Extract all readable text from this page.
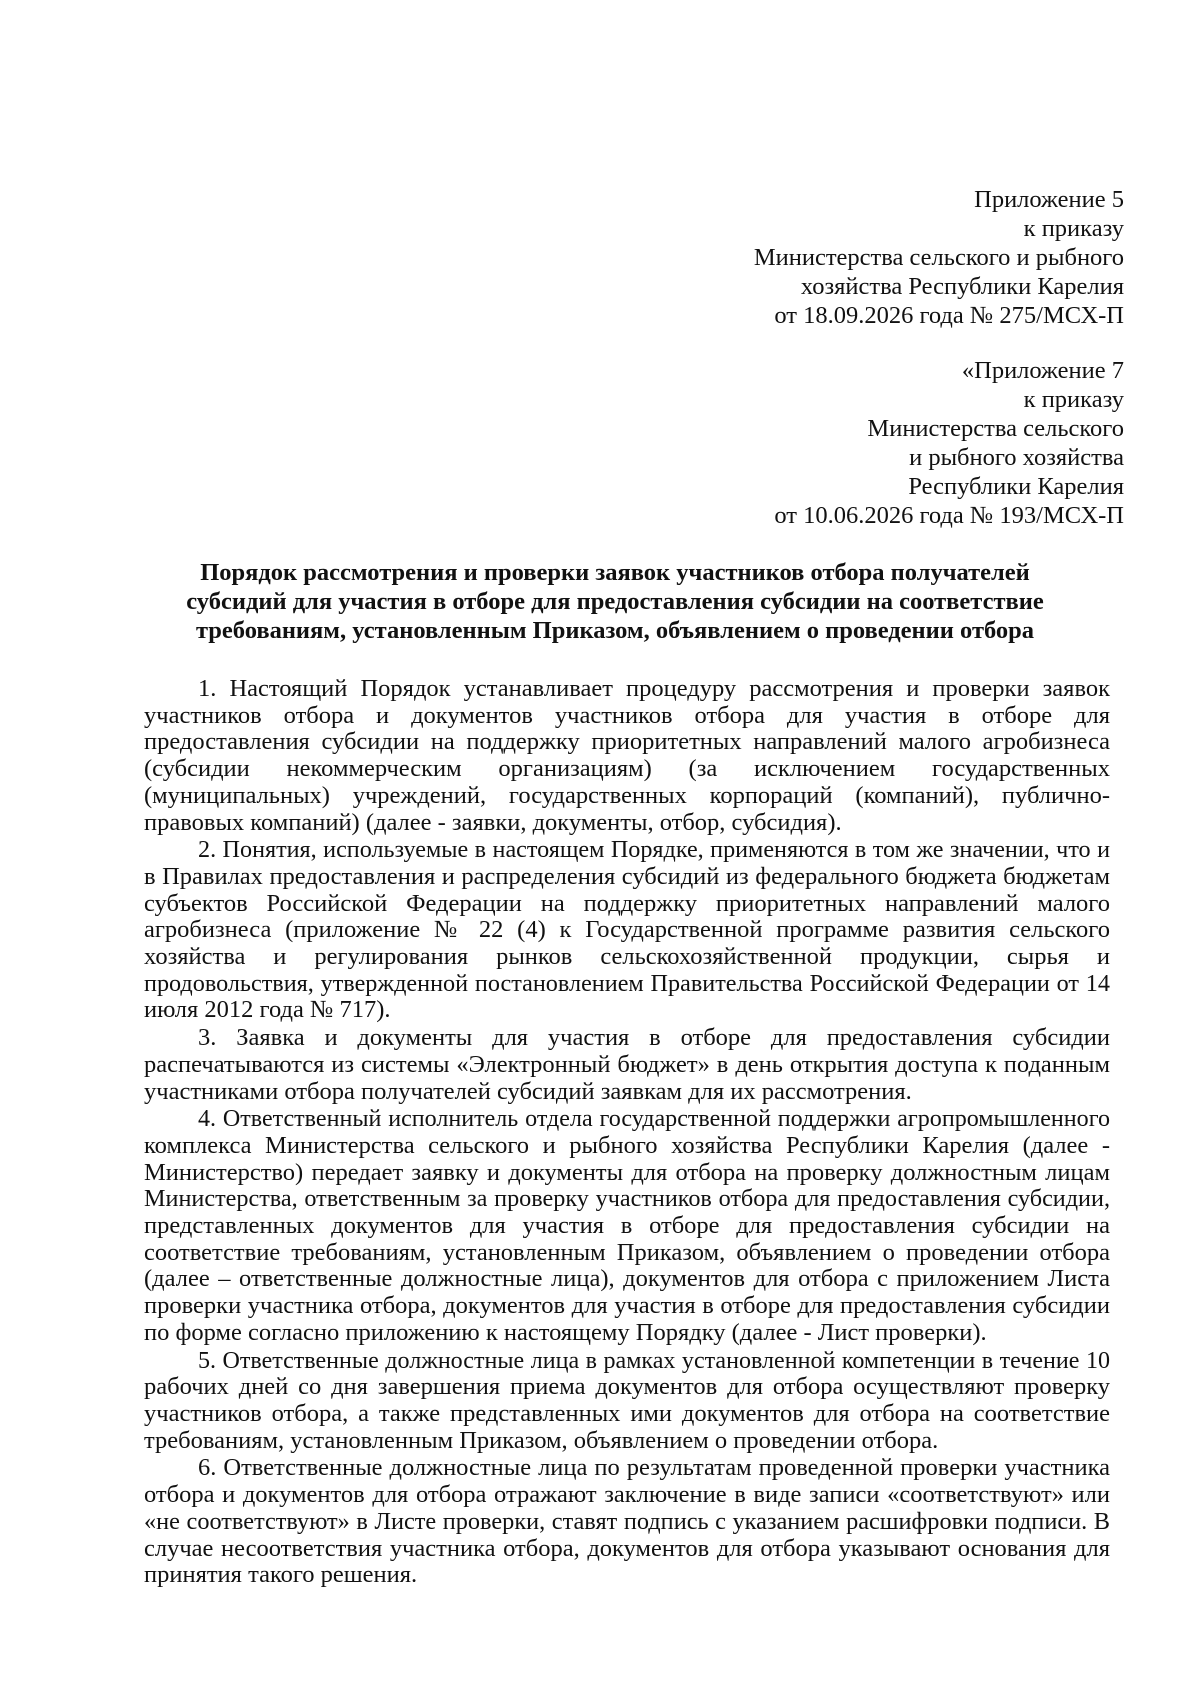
Приложение 5
к приказу
Министерства сельского и рыбного
хозяйства Республики Карелия
от 18.09.2026 года № 275/МСХ-П
«Приложение 7
к приказу
Министерства сельского
и рыбного хозяйства
Республики Карелия
от 10.06.2026 года № 193/МСХ-П
Порядок рассмотрения и проверки заявок участников отбора получателей
субсидий для участия в отборе для предоставления субсидии на соответствие
требованиям, установленным Приказом, объявлением о проведении отбора
1. Настоящий Порядок устанавливает процедуру рассмотрения и проверки заявок
участников отбора и документов участников отбора для участия в отборе для
предоставления субсидии на поддержку приоритетных направлений малого агробизнеса
(субсидии некоммерческим организациям) (за исключением государственных
(муниципальных) учреждений, государственных корпораций (компаний), публично-
правовых компаний) (далее - заявки, документы, отбор, субсидия).
2. Понятия, используемые в настоящем Порядке, применяются в том же значении, что и
в Правилах предоставления и распределения субсидий из федерального бюджета бюджетам
субъектов Российской Федерации на поддержку приоритетных направлений малого
агробизнеса (приложение № 22 (4) к Государственной программе развития сельского
хозяйства и регулирования рынков сельскохозяйственной продукции, сырья и
продовольствия, утвержденной постановлением Правительства Российской Федерации от 14
июля 2012 года № 717).
3. Заявка и документы для участия в отборе для предоставления субсидии
распечатываются из системы «Электронный бюджет» в день открытия доступа к поданным
участниками отбора получателей субсидий заявкам для их рассмотрения.
4. Ответственный исполнитель отдела государственной поддержки агропромышленного
комплекса Министерства сельского и рыбного хозяйства Республики Карелия (далее -
Министерство) передает заявку и документы для отбора на проверку должностным лицам
Министерства, ответственным за проверку участников отбора для предоставления субсидии,
представленных документов для участия в отборе для предоставления субсидии на
соответствие требованиям, установленным Приказом, объявлением о проведении отбора
(далее – ответственные должностные лица), документов для отбора с приложением Листа
проверки участника отбора, документов для участия в отборе для предоставления субсидии
по форме согласно приложению к настоящему Порядку (далее - Лист проверки).
5. Ответственные должностные лица в рамках установленной компетенции в течение 10
рабочих дней со дня завершения приема документов для отбора осуществляют проверку
участников отбора, а также представленных ими документов для отбора на соответствие
требованиям, установленным Приказом, объявлением о проведении отбора.
6. Ответственные должностные лица по результатам проведенной проверки участника
отбора и документов для отбора отражают заключение в виде записи «соответствуют» или
«не соответствуют» в Листе проверки, ставят подпись с указанием расшифровки подписи. В
случае несоответствия участника отбора, документов для отбора указывают основания для
принятия такого решения.
